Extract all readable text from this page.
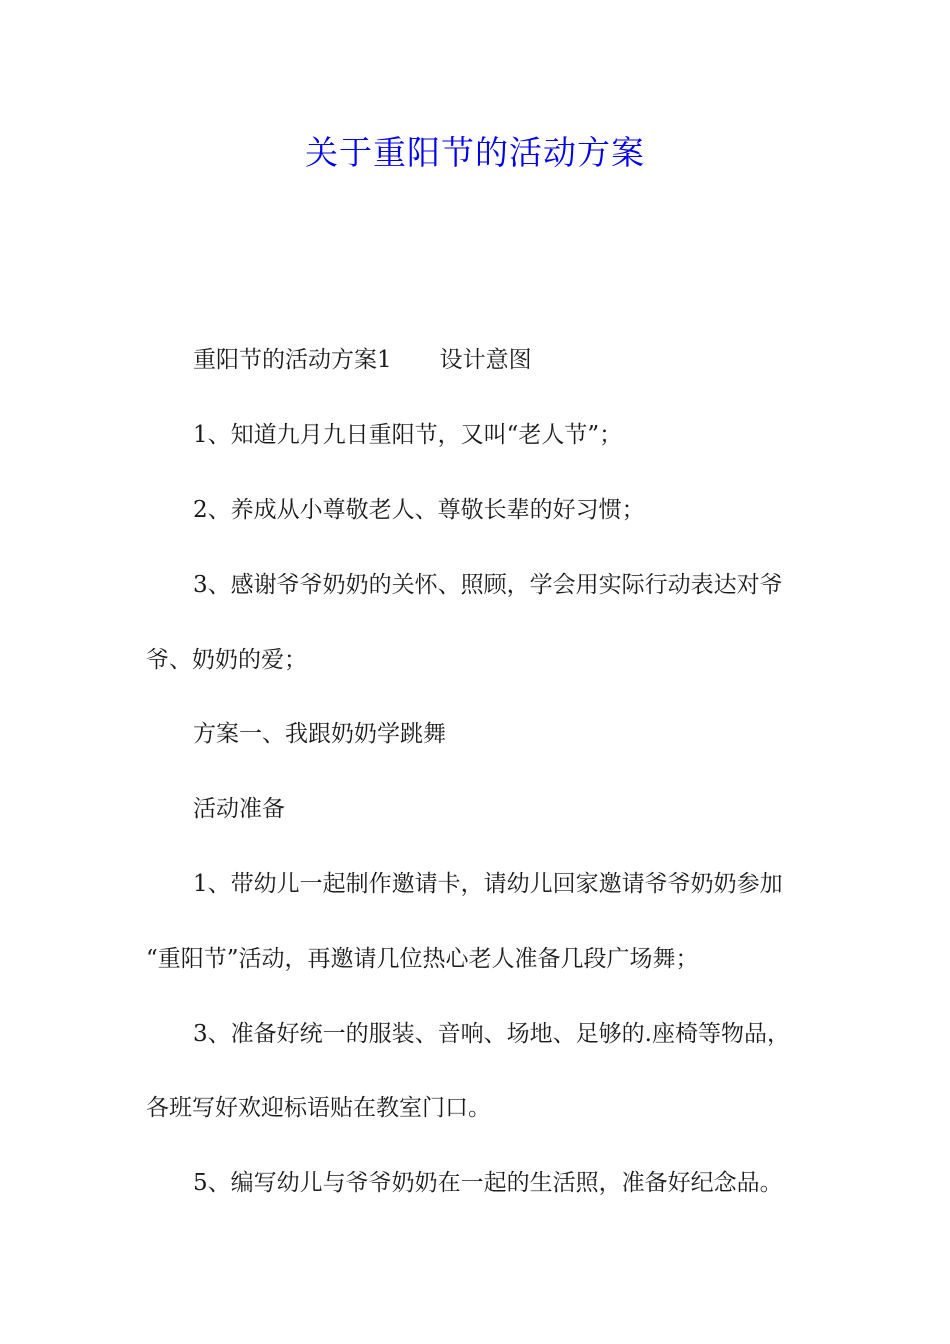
关于重阳节的活动方案

重阳节的活动方案1 设计意图

1、知道九月九日重阳节，又叫“老人节”；

2、养成从小尊敬老人、尊敬长辈的好习惯；

3、感谢爷爷奶奶的关怀、照顾，学会用实际行动表达对爷

爷、奶奶的爱；

方案一、我跟奶奶学跳舞

活动准备

1、带幼儿一起制作邀请卡，请幼儿回家邀请爷爷奶奶参加

“重阳节”活动，再邀请几位热心老人准备几段广场舞；

3、准备好统一的服装、音响、场地、足够的.座椅等物品，

各班写好欢迎标语贴在教室门口。

5、编写幼儿与爷爷奶奶在一起的生活照，准备好纪念品。
